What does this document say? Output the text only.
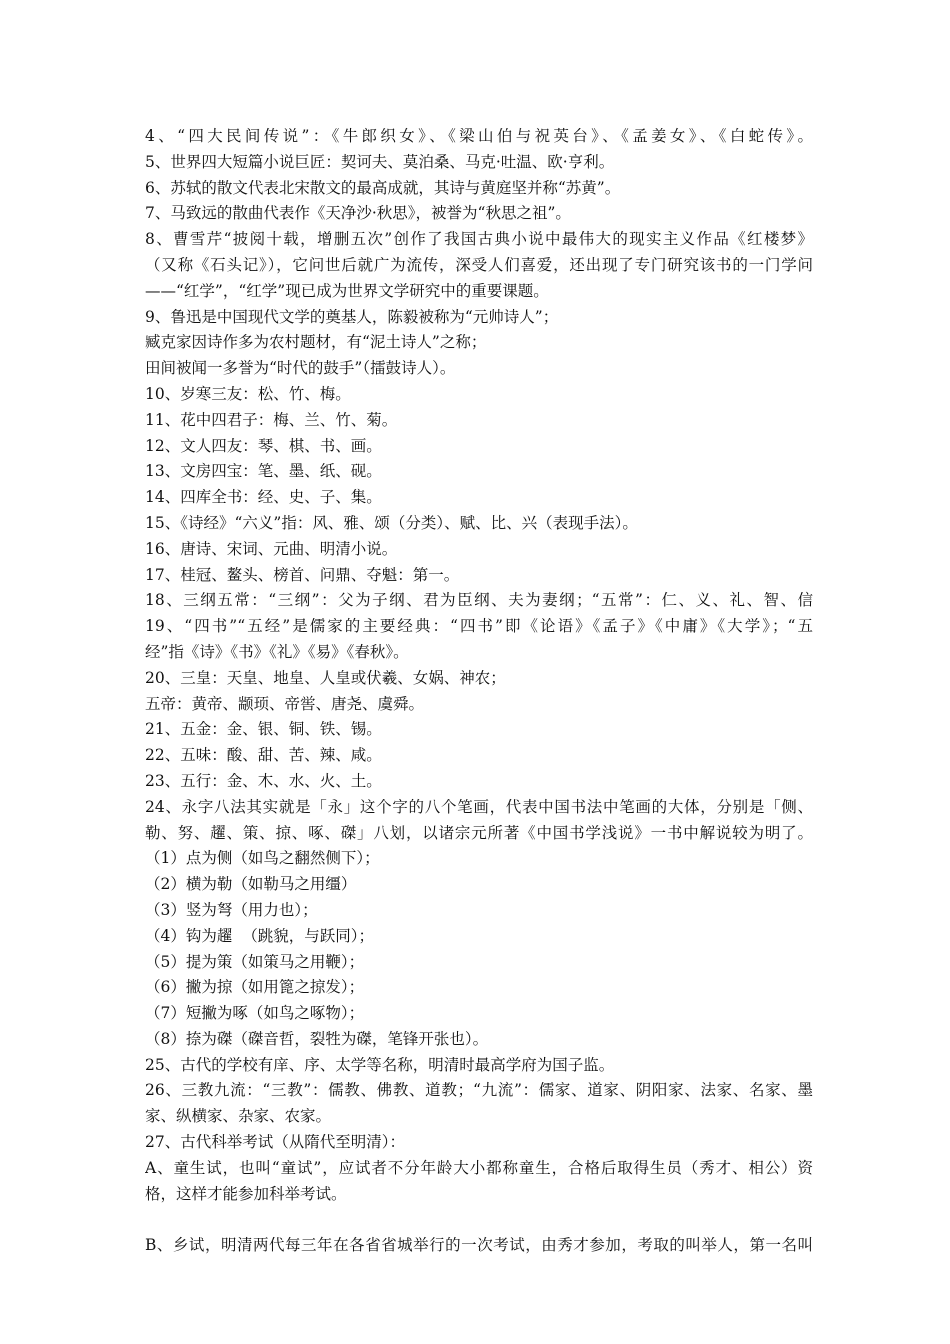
4、“四大民间传说”：《牛郎织女》、《梁山伯与祝英台》、《孟姜女》、《白蛇传》。
5、世界四大短篇小说巨匠：契诃夫、莫泊桑、马克·吐温、欧·亨利。
6、苏轼的散文代表北宋散文的最高成就，其诗与黄庭坚并称“苏黄”。
7、马致远的散曲代表作《天净沙·秋思》，被誉为“秋思之祖”。
8、曹雪芹“披阅十载，增删五次”创作了我国古典小说中最伟大的现实主义作品《红楼梦》
（又称《石头记》），它问世后就广为流传，深受人们喜爱，还出现了专门研究该书的一门学问
——“红学”，“红学”现已成为世界文学研究中的重要课题。
9、鲁迅是中国现代文学的奠基人，陈毅被称为“元帅诗人”；
臧克家因诗作多为农村题材，有“泥土诗人”之称；
田间被闻一多誉为“时代的鼓手”（擂鼓诗人）。
10、岁寒三友：松、竹、梅。
11、花中四君子：梅、兰、竹、菊。
12、文人四友：琴、棋、书、画。
13、文房四宝：笔、墨、纸、砚。
14、四库全书：经、史、子、集。
15、《诗经》“六义”指：风、雅、颂（分类）、赋、比、兴（表现手法）。
16、唐诗、宋词、元曲、明清小说。
17、桂冠、鳌头、榜首、问鼎、夺魁：第一。
18、三纲五常：“三纲”：父为子纲、君为臣纲、夫为妻纲；“五常”：仁、义、礼、智、信
19、“四书”“五经”是儒家的主要经典：“四书”即《论语》《孟子》《中庸》《大学》；“五
经”指《诗》《书》《礼》《易》《春秋》。
20、三皇：天皇、地皇、人皇或伏羲、女娲、神农；
五帝：黄帝、颛顼、帝喾、唐尧、虞舜。
21、五金：金、银、铜、铁、锡。
22、五味：酸、甜、苦、辣、咸。
23、五行：金、木、水、火、土。
24、永字八法其实就是「永」这个字的八个笔画，代表中国书法中笔画的大体，分别是「侧、
勒、努、趯、策、掠、啄、磔」八划，以诸宗元所著《中国书学浅说》一书中解说较为明了。
（1）点为侧（如鸟之翻然侧下）；
（2）横为勒（如勒马之用缰）
（3）竖为弩（用力也）；
（4）钩为趯  （跳貌，与跃同）；
（5）提为策（如策马之用鞭）；
（6）撇为掠（如用篦之掠发）；
（7）短撇为啄（如鸟之啄物）；
（8）捺为磔（磔音哲，裂牲为磔，笔锋开张也）。
25、古代的学校有庠、序、太学等名称，明清时最高学府为国子监。
26、三教九流：“三教”：儒教、佛教、道教；“九流”：儒家、道家、阴阳家、法家、名家、墨
家、纵横家、杂家、农家。
27、古代科举考试（从隋代至明清）：
A、童生试，也叫“童试”，应试者不分年龄大小都称童生，合格后取得生员（秀才、相公）资
格，这样才能参加科举考试。
B、乡试，明清两代每三年在各省省城举行的一次考试，由秀才参加，考取的叫举人，第一名叫
